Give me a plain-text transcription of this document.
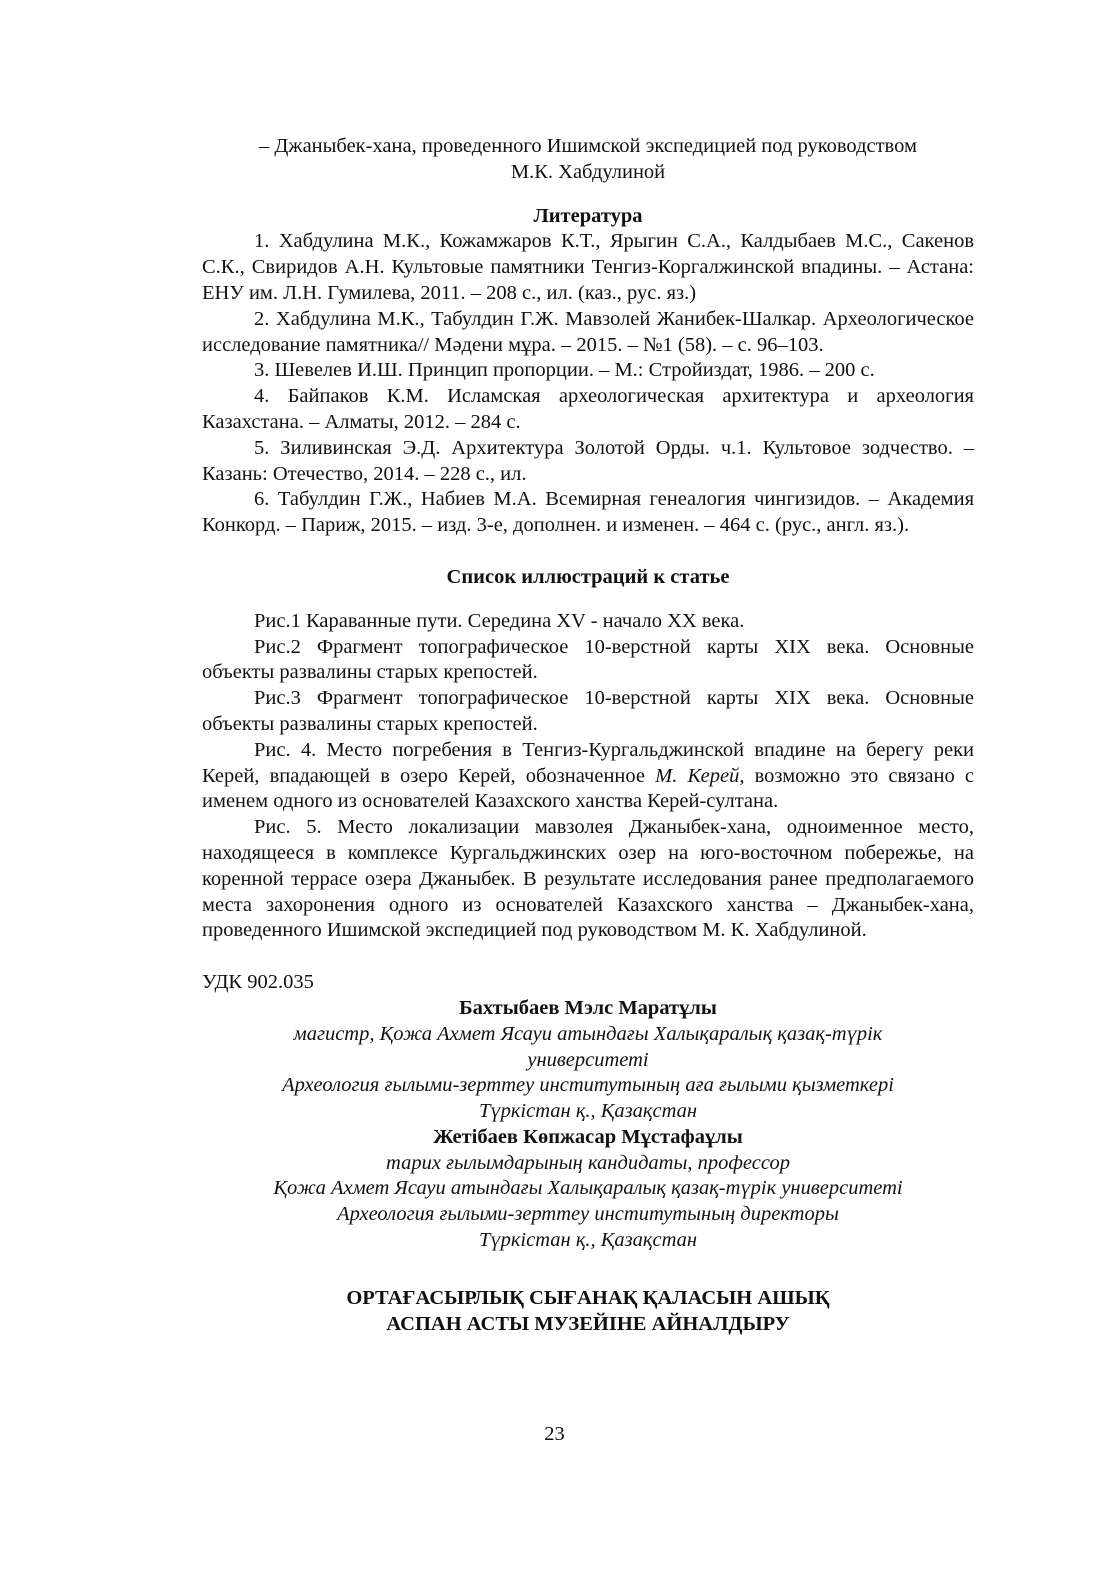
– Джаныбек-хана, проведенного Ишимской экспедицией под руководством

М.К. Хабдулиной

Литература

1. Хабдулина М.К., Кожамжаров К.Т., Ярыгин С.А., Калдыбаев М.С., Сакенов С.К., Свиридов А.Н. Культовые памятники Тенгиз-Коргалжинской впадины. – Астана: ЕНУ им. Л.Н. Гумилева, 2011. – 208 с., ил. (каз., рус. яз.)

2. Хабдулина М.К., Табулдин Г.Ж. Мавзолей Жанибек-Шалкар. Археологическое исследование памятника// Мәдени мұра. – 2015. – №1 (58). – с. 96–103.

3. Шевелев И.Ш. Принцип пропорции. – М.: Стройиздат, 1986. – 200 с.

4. Байпаков К.М. Исламская археологическая архитектура и археология Казахстана. – Алматы, 2012. – 284 с.

5. Зиливинская Э.Д. Архитектура Золотой Орды. ч.1. Культовое зодчество. – Казань: Отечество, 2014. – 228 с., ил.

6. Табулдин Г.Ж., Набиев М.А. Всемирная генеалогия чингизидов. – Академия Конкорд. – Париж, 2015. – изд. 3-е, дополнен. и изменен. – 464 с. (рус., англ. яз.).

Список иллюстраций к статье

Рис.1 Караванные пути. Середина XV - начало XX века.

Рис.2 Фрагмент топографическое 10-верстной карты XIX века. Основные объекты развалины старых крепостей.

Рис.3 Фрагмент топографическое 10-верстной карты XIX века. Основные объекты развалины старых крепостей.

Рис. 4. Место погребения в Тенгиз-Кургальджинской впадине на берегу реки Керей, впадающей в озеро Керей, обозначенное М. Керей, возможно это связано с именем одного из основателей Казахского ханства Керей-султана.

Рис. 5. Место локализации мавзолея Джаныбек-хана, одноименное место, находящееся в комплексе Кургальджинских озер на юго-восточном побережье, на коренной террасе озера Джаныбек. В результате исследования ранее предполагаемого места захоронения одного из основателей Казахского ханства – Джаныбек-хана, проведенного Ишимской экспедицией под руководством М. К. Хабдулиной.

УДК 902.035

Бахтыбаев Мэлс Маратұлы

магистр, Қожа Ахмет Ясауи атындағы Халықаралық қазақ-түрік

университеті

Археология ғылыми-зерттеу институтының аға ғылыми қызметкері

Түркістан қ., Қазақстан

Жетібаев Көпжасар Мұстафаұлы

тарих ғылымдарының кандидаты, профессор

Қожа Ахмет Ясауи атындағы Халықаралық қазақ-түрік университеті

Археология ғылыми-зерттеу институтының директоры

Түркістан қ., Қазақстан

ОРТАҒАСЫРЛЫҚ СЫҒАНАҚ ҚАЛАСЫН АШЫҚ

АСПАН АСТЫ МУЗЕЙІНЕ АЙНАЛДЫРУ

23
